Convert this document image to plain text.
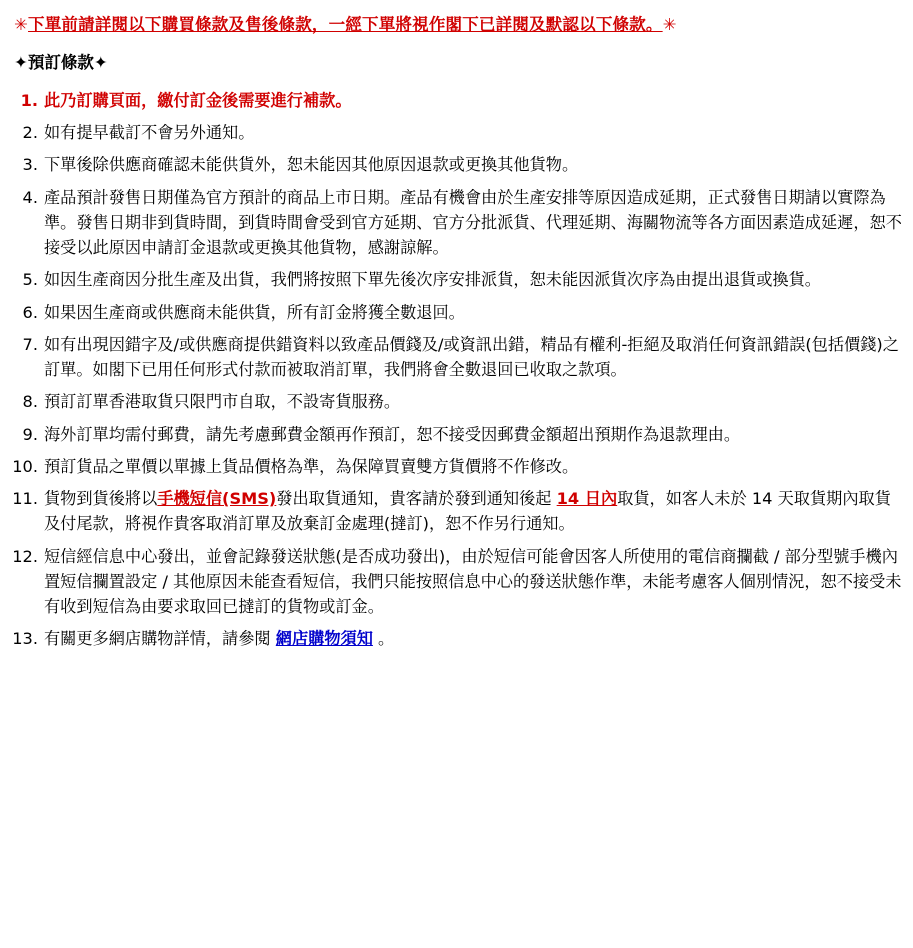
✳下單前請詳閱以下購買條款及售後條款，一經下單將視作閣下已詳閱及默認以下條款。✳
✦預訂條款✦
1. 此乃訂購頁面，繳付訂金後需要進行補款。
2. 如有提早截訂不會另外通知。
3. 下單後除供應商確認未能供貨外，恕未能因其他原因退款或更換其他貨物。
4. 產品預計發售日期僅為官方預計的商品上市日期。產品有機會由於生產安排等原因造成延期，正式發售日期請以實際為準。發售日期非到貨時間，到貨時間會受到官方延期、官方分批派貨、代理延期、海關物流等各方面因素造成延遲，恕不接受以此原因申請訂金退款或更換其他貨物，感謝諒解。
5. 如因生產商因分批生產及出貨，我們將按照下單先後次序安排派貨，恕未能因派貨次序為由提出退貨或換貨。
6. 如果因生產商或供應商未能供貨，所有訂金將獲全數退回。
7. 如有出現因錯字及/或供應商提供錯資料以致產品價錢及/或資訊出錯，精品有權利-拒絕及取消任何資訊錯誤(包括價錢)之訂單。如閣下已用任何形式付款而被取消訂單，我們將會全數退回已收取之款項。
8. 預訂訂單香港取貨只限門市自取，不設寄貨服務。
9. 海外訂單均需付郵費，請先考慮郵費金額再作預訂，恕不接受因郵費金額超出預期作為退款理由。
10. 預訂貨品之單價以單據上貨品價格為準，為保障買賣雙方貨價將不作修改。
11. 貨物到貨後將以手機短信(SMS)發出取貨通知，貴客請於發到通知後起 14 日內取貨，如客人未於 14 天取貨期內取貨及付尾款，將視作貴客取消訂單及放棄訂金處理(撻訂)，恕不作另行通知。
12. 短信經信息中心發出，並會記錄發送狀態(是否成功發出)，由於短信可能會因客人所使用的電信商攔截 / 部分型號手機內置短信攔置設定 / 其他原因未能查看短信，我們只能按照信息中心的發送狀態作準，未能考慮客人個別情況，恕不接受未有收到短信為由要求取回已撻訂的貨物或訂金。
13. 有關更多網店購物詳情，請參閱 網店購物須知 。
